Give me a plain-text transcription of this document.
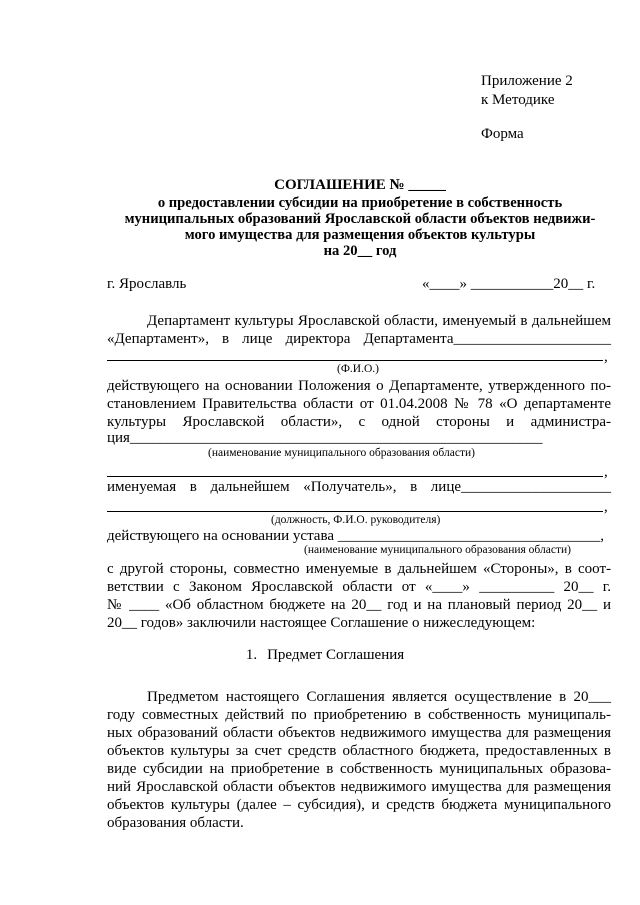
Приложение 2
к Методике
Форма
СОГЛАШЕНИЕ № _____
о предоставлении субсидии на приобретение в собственность
муниципальных образований Ярославской области объектов недвижи-
мого имущества для размещения объектов культуры
на 20__ год
г. Ярославль	«____» ___________20__ г.
Департамент культуры Ярославской области, именуемый в дальнейшем
«Департамент», в лице директора Департамента_____________________
,
(Ф.И.О.)
действующего на основании Положения о Департаменте, утвержденного по-
становлением Правительства области от 01.04.2008 № 78 «О департаменте
культуры Ярославской области», с одной стороны и администра-
ция_______________________________________________________
(наименование муниципального образования области)
,
именуемая в дальнейшем «Получатель», в лице____________________
,
(должность, Ф.И.О. руководителя)
действующего на основании устава ___________________________________,
(наименование муниципального образования области)
с другой стороны, совместно именуемые в дальнейшем «Стороны», в соот-
ветствии с Законом Ярославской области от «____» __________ 20__ г.
№ ____ «Об областном бюджете на 20__ год и на плановый период 20__ и
20__ годов» заключили настоящее Соглашение о нижеследующем:
1. Предмет Соглашения
Предметом настоящего Соглашения является осуществление в 20___
году совместных действий по приобретению в собственность муниципаль-
ных образований области объектов недвижимого имущества для размещения
объектов культуры за счет средств областного бюджета, предоставленных в
виде субсидии на приобретение в собственность муниципальных образова-
ний Ярославской области объектов недвижимого имущества для размещения
объектов культуры (далее – субсидия), и средств бюджета муниципального
образования области.
